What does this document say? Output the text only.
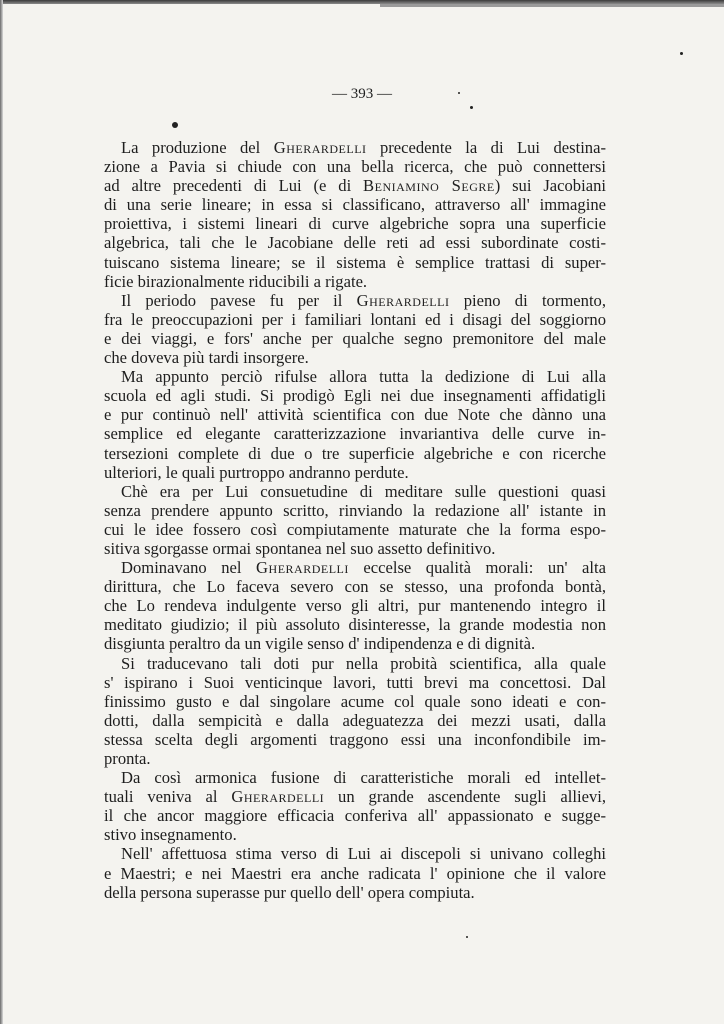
— 393 —
La produzione del Gherardelli precedente la di Lui destina-
zione a Pavia si chiude con una bella ricerca, che può connettersi
ad altre precedenti di Lui (e di Beniamino Segre) sui Jacobiani
di una serie lineare; in essa si classificano, attraverso all' immagine
proiettiva, i sistemi lineari di curve algebriche sopra una superficie
algebrica, tali che le Jacobiane delle reti ad essi subordinate costi-
tuiscano sistema lineare; se il sistema è semplice trattasi di super-
ficie birazionalmente riducibili a rigate.
Il periodo pavese fu per il Gherardelli pieno di tormento,
fra le preoccupazioni per i familiari lontani ed i disagi del soggiorno
e dei viaggi, e fors' anche per qualche segno premonitore del male
che doveva più tardi insorgere.
Ma appunto perciò rifulse allora tutta la dedizione di Lui alla
scuola ed agli studi. Si prodigò Egli nei due insegnamenti affidatigli
e pur continuò nell' attività scientifica con due Note che dànno una
semplice ed elegante caratterizzazione invariantiva delle curve in-
tersezioni complete di due o tre superficie algebriche e con ricerche
ulteriori, le quali purtroppo andranno perdute.
Chè era per Lui consuetudine di meditare sulle questioni quasi
senza prendere appunto scritto, rinviando la redazione all' istante in
cui le idee fossero così compiutamente maturate che la forma espo-
sitiva sgorgasse ormai spontanea nel suo assetto definitivo.
Dominavano nel Gherardelli eccelse qualità morali: un' alta
dirittura, che Lo faceva severo con se stesso, una profonda bontà,
che Lo rendeva indulgente verso gli altri, pur mantenendo integro il
meditato giudizio; il più assoluto disinteresse, la grande modestia non
disgiunta peraltro da un vigile senso d' indipendenza e di dignità.
Si traducevano tali doti pur nella probità scientifica, alla quale
s' ispirano i Suoi venticinque lavori, tutti brevi ma concettosi. Dal
finissimo gusto e dal singolare acume col quale sono ideati e con-
dotti, dalla sempicità e dalla adeguatezza dei mezzi usati, dalla
stessa scelta degli argomenti traggono essi una inconfondibile im-
pronta.
Da così armonica fusione di caratteristiche morali ed intellet-
tuali veniva al Gherardelli un grande ascendente sugli allievi,
il che ancor maggiore efficacia conferiva all' appassionato e sugge-
stivo insegnamento.
Nell' affettuosa stima verso di Lui ai discepoli si univano colleghi
e Maestri; e nei Maestri era anche radicata l' opinione che il valore
della persona superasse pur quello dell' opera compiuta.
